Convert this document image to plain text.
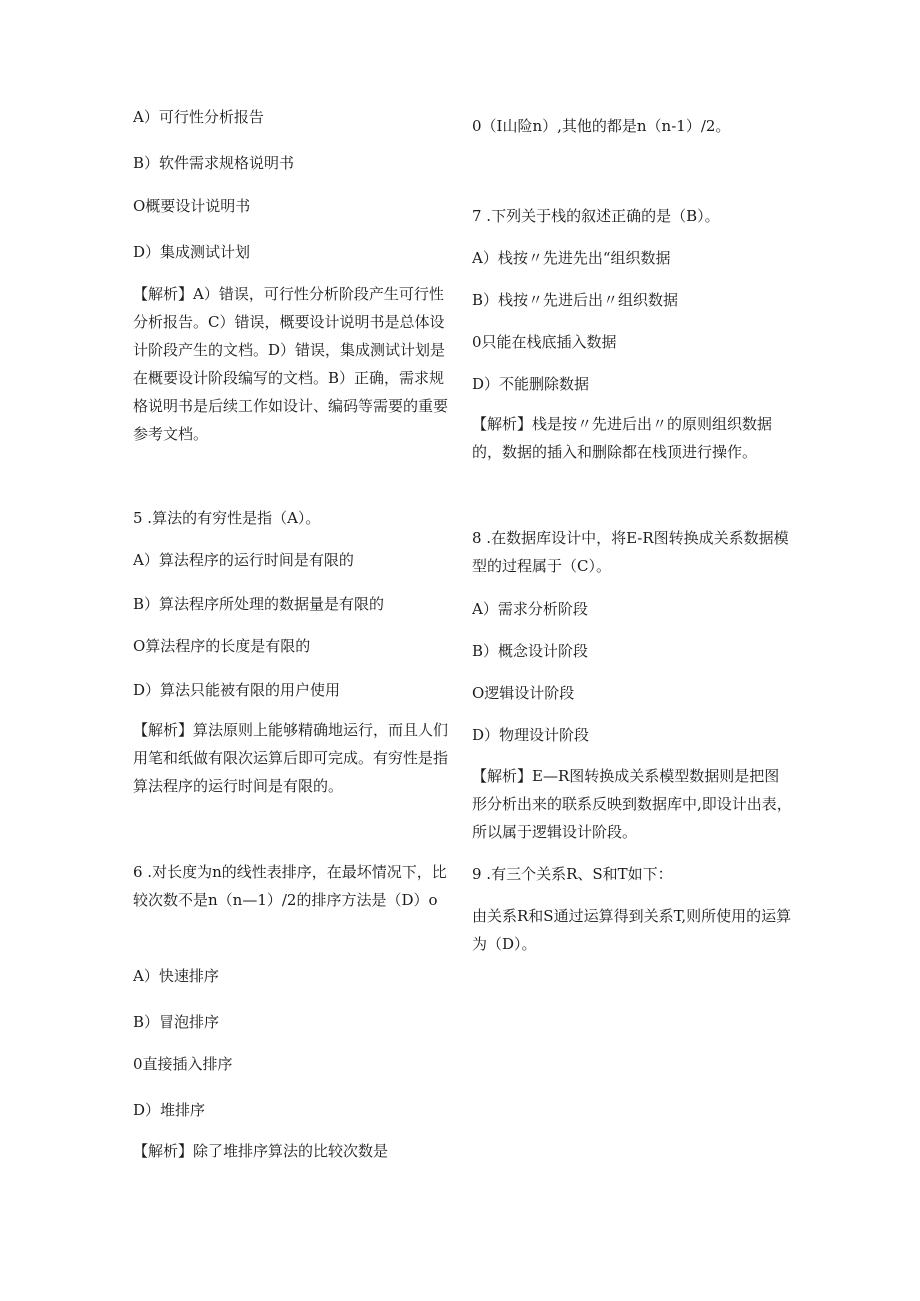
A）可行性分析报告
B）软件需求规格说明书
O概要设计说明书
D）集成测试计划
【解析】A）错误，可行性分析阶段产生可行性分析报告。C）错误，概要设计说明书是总体设计阶段产生的文档。D）错误，集成测试计划是在概要设计阶段编写的文档。B）正确，需求规格说明书是后续工作如设计、编码等需要的重要参考文档。
5 .算法的有穷性是指（A）。
A）算法程序的运行时间是有限的
B）算法程序所处理的数据量是有限的
O算法程序的长度是有限的
D）算法只能被有限的用户使用
【解析】算法原则上能够精确地运行，而且人们用笔和纸做有限次运算后即可完成。有穷性是指算法程序的运行时间是有限的。
6 .对长度为n的线性表排序，在最坏情况下，比较次数不是n（n—1）/2的排序方法是（D）o
A）快速排序
B）冒泡排序
0直接插入排序
D）堆排序
【解析】除了堆排序算法的比较次数是
0（I山险n）,其他的都是n（n-1）/2。
7 .下列关于栈的叙述正确的是（B）。
A）栈按〃先进先出“组织数据
B）栈按〃先进后出〃组织数据
0只能在栈底插入数据
D）不能删除数据
【解析】栈是按〃先进后出〃的原则组织数据的，数据的插入和删除都在栈顶进行操作。
8 .在数据库设计中，将E-R图转换成关系数据模型的过程属于（C）。
A）需求分析阶段
B）概念设计阶段
O逻辑设计阶段
D）物理设计阶段
【解析】E—R图转换成关系模型数据则是把图形分析出来的联系反映到数据库中,即设计出表，所以属于逻辑设计阶段。
9 .有三个关系R、S和T如下：
由关系R和S通过运算得到关系T,则所使用的运算为（D）。
